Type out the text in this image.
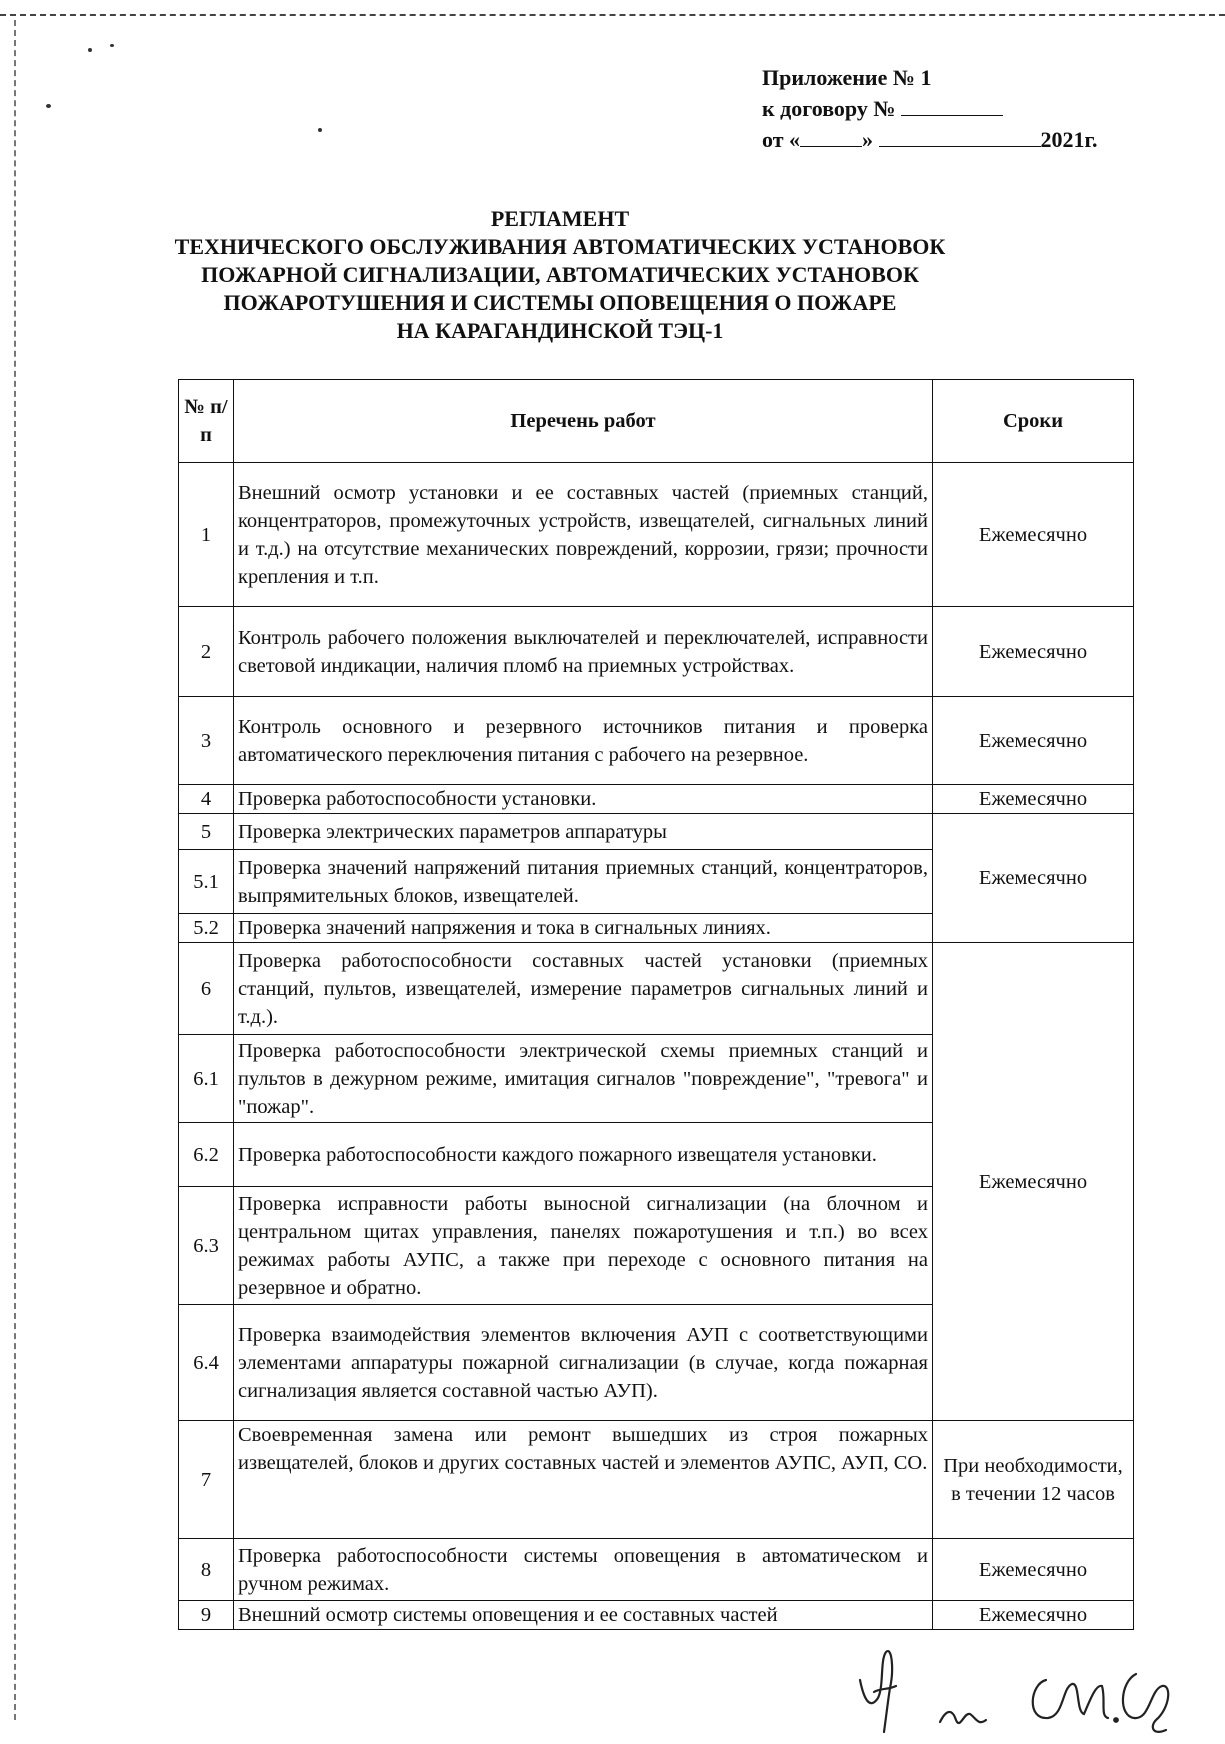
Приложение № 1
к договору №
от «	»	2021г.
РЕГЛАМЕНТ
ТЕХНИЧЕСКОГО ОБСЛУЖИВАНИЯ АВТОМАТИЧЕСКИХ УСТАНОВОК
ПОЖАРНОЙ СИГНАЛИЗАЦИИ, АВТОМАТИЧЕСКИХ УСТАНОВОК
ПОЖАРОТУШЕНИЯ И СИСТЕМЫ ОПОВЕЩЕНИЯ О ПОЖАРЕ
НА КАРАГАНДИНСКОЙ ТЭЦ-1
№ п/п	Перечень работ	Сроки
1	Внешний осмотр установки и ее составных частей (приемных станций, концентраторов, промежуточных устройств, извещателей, сигнальных линий и т.д.) на отсутствие механических повреждений, коррозии, грязи; прочности крепления и т.п.	Ежемесячно
2	Контроль рабочего положения выключателей и переключателей, исправности световой индикации, наличия пломб на приемных устройствах.	Ежемесячно
3	Контроль основного и резервного источников питания и проверка автоматического переключения питания с рабочего на резервное.	Ежемесячно
4	Проверка работоспособности установки.	Ежемесячно
5	Проверка электрических параметров аппаратуры	Ежемесячно
5.1	Проверка значений напряжений питания приемных станций, концентраторов, выпрямительных блоков, извещателей.	
5.2	Проверка значений напряжения и тока в сигнальных линиях.	
6	Проверка работоспособности составных частей установки (приемных станций, пультов, извещателей, измерение параметров сигнальных линий и т.д.).	Ежемесячно
6.1	Проверка работоспособности электрической схемы приемных станций и пультов в дежурном режиме, имитация сигналов "повреждение", "тревога" и "пожар".	
6.2	Проверка работоспособности каждого пожарного извещателя установки.	
6.3	Проверка исправности работы выносной сигнализации (на блочном и центральном щитах управления, панелях пожаротушения и т.п.) во всех режимах работы АУПС, а также при переходе с основного питания на резервное и обратно.	
6.4	Проверка взаимодействия элементов включения АУП с соответствующими элементами аппаратуры пожарной сигнализации (в случае, когда пожарная сигнализация является составной частью АУП).	
7	Своевременная замена или ремонт вышедших из строя пожарных извещателей, блоков и других составных частей и элементов АУПС, АУП, СО.	При необходимости, в течении 12 часов
8	Проверка работоспособности системы оповещения в автоматическом и ручном режимах.	Ежемесячно
9	Внешний осмотр системы оповещения и ее составных частей	Ежемесячно
